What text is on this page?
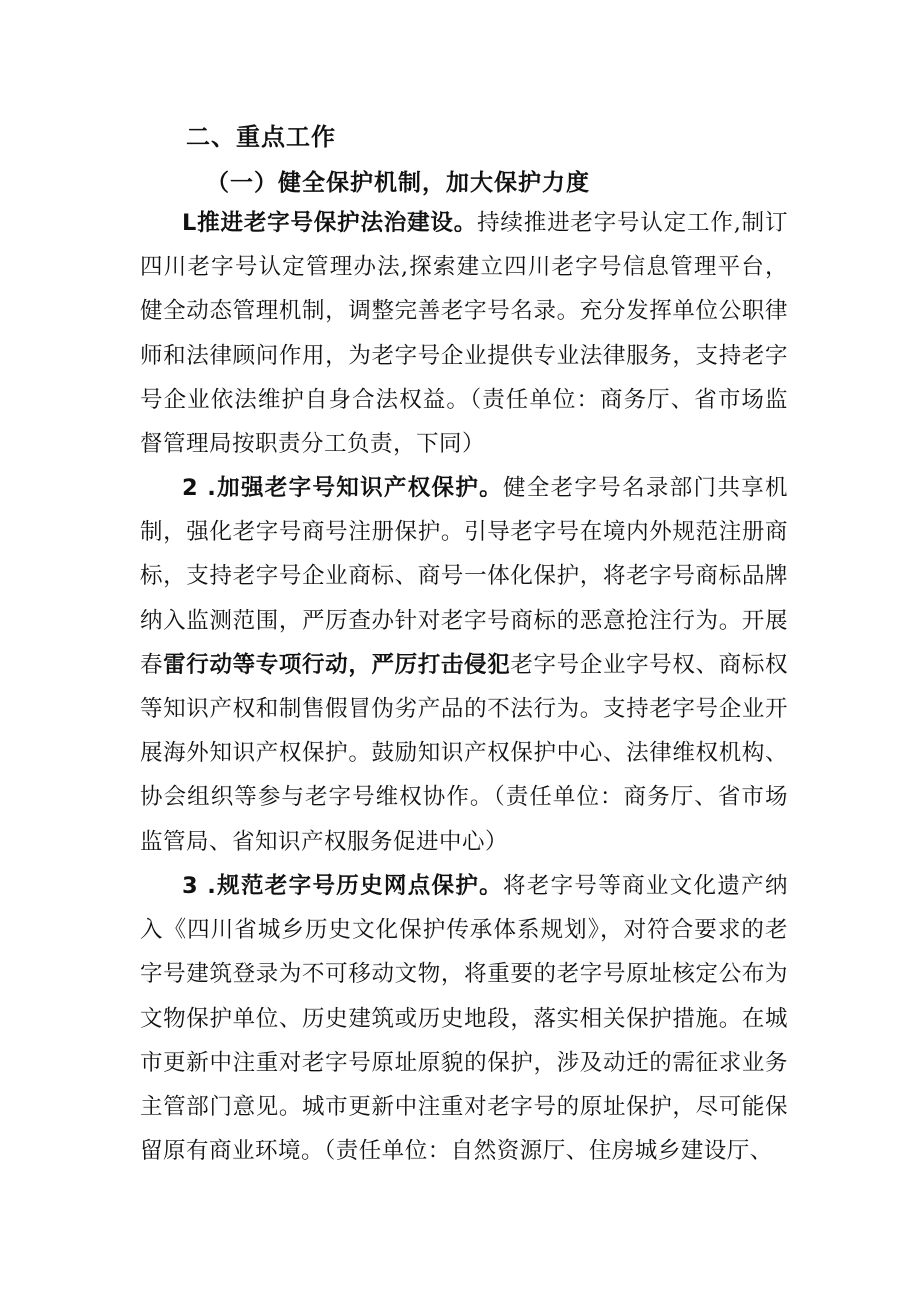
二、重点工作
（一）健全保护机制，加大保护力度
L推进老字号保护法治建设。持续推进老字号认定工作,制订四川老字号认定管理办法,探索建立四川老字号信息管理平台，健全动态管理机制，调整完善老字号名录。充分发挥单位公职律师和法律顾问作用，为老字号企业提供专业法律服务，支持老字号企业依法维护自身合法权益。（责任单位：商务厅、省市场监督管理局按职责分工负责，下同）
2 .加强老字号知识产权保护。健全老字号名录部门共享机制，强化老字号商号注册保护。引导老字号在境内外规范注册商标，支持老字号企业商标、商号一体化保护，将老字号商标品牌纳入监测范围，严厉查办针对老字号商标的恶意抢注行为。开展春雷行动等专项行动，严厉打击侵犯老字号企业字号权、商标权等知识产权和制售假冒伪劣产品的不法行为。支持老字号企业开展海外知识产权保护。鼓励知识产权保护中心、法律维权机构、协会组织等参与老字号维权协作。（责任单位：商务厅、省市场监管局、省知识产权服务促进中心）
3 .规范老字号历史网点保护。将老字号等商业文化遗产纳入《四川省城乡历史文化保护传承体系规划》，对符合要求的老字号建筑登录为不可移动文物，将重要的老字号原址核定公布为文物保护单位、历史建筑或历史地段，落实相关保护措施。在城市更新中注重对老字号原址原貌的保护，涉及动迁的需征求业务主管部门意见。城市更新中注重对老字号的原址保护，尽可能保留原有商业环境。（责任单位：自然资源厅、住房城乡建设厅、
